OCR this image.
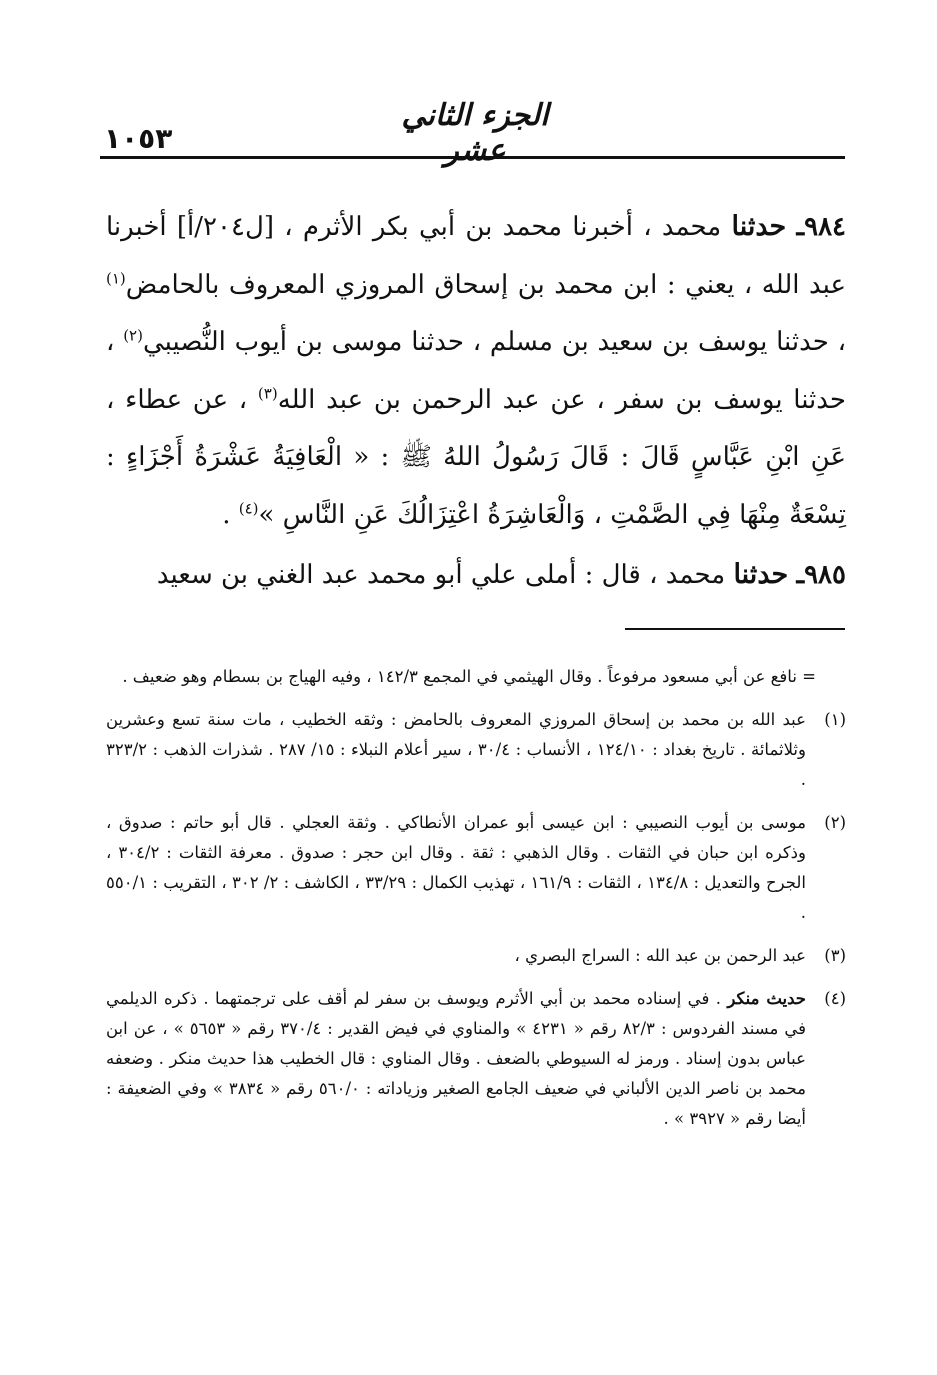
١٠٥٣
الجزء الثاني عشر

٩٨٤ـ حدثنا محمد ، أخبرنا محمد بن أبي بكر الأثرم ، [ل٢٠٤/أ] أخبرنا عبد الله ، يعني : ابن محمد بن إسحاق المروزي المعروف بالحامض$^{(١)}$ ، حدثنا يوسف بن سعيد بن مسلم ، حدثنا موسى بن أيوب النُّصيبي$^{(٢)}$ ، حدثنا يوسف بن سفر ، عن عبد الرحمن بن عبد الله$^{(٣)}$ ، عن عطاء ، عَنِ ابْنِ عَبَّاسٍ قَالَ : قَالَ رَسُولُ اللهُ ﷺ : « الْعَافِيَةُ عَشْرَةُ أَجْزَاءٍ : تِسْعَةٌ مِنْهَا فِي الصَّمْتِ ، وَالْعَاشِرَةُ اعْتِزَالُكَ عَنِ النَّاسِ »$^{(٤)}$ .

٩٨٥ـ حدثنا محمد ، قال : أملى علي أبو محمد عبد الغني بن سعيد

= نافع عن أبي مسعود مرفوعاً . وقال الهيثمي في المجمع ١٤٢/٣ ، وفيه الهياج بن بسطام وهو ضعيف .

(١)
عبد الله بن محمد بن إسحاق المروزي المعروف بالحامض : وثقه الخطيب ، مات سنة تسع وعشرين وثلاثمائة . تاريخ بغداد : ١٢٤/١٠ ، الأنساب : ٣٠/٤ ، سير أعلام النبلاء : ١٥/ ٢٨٧ . شذرات الذهب : ٣٢٣/٢ .

(٢)
موسى بن أيوب النصيبي : ابن عيسى أبو عمران الأنطاكي . وثقة العجلي . قال أبو حاتم : صدوق ، وذكره ابن حبان في الثقات . وقال الذهبي : ثقة . وقال ابن حجر : صدوق . معرفة الثقات : ٣٠٤/٢ ، الجرح والتعديل : ١٣٤/٨ ، الثقات : ١٦١/٩ ، تهذيب الكمال : ٣٣/٢٩ ، الكاشف : ٢/ ٣٠٢ ، التقريب : ٥٥٠/١ .

(٣)
عبد الرحمن بن عبد الله : السراج البصري ،

(٤)
حديث منكر . في إسناده محمد بن أبي الأثرم ويوسف بن سفر لم أقف على ترجمتهما . ذكره الديلمي في مسند الفردوس : ٨٢/٣ رقم « ٤٢٣١ » والمناوي في فيض القدير : ٣٧٠/٤ رقم « ٥٦٥٣ » ، عن ابن عباس بدون إسناد . ورمز له السيوطي بالضعف . وقال المناوي : قال الخطيب هذا حديث منكر . وضعفه محمد بن ناصر الدين الألباني في ضعيف الجامع الصغير وزياداته : ٥٦٠/٠ رقم « ٣٨٣٤ » وفي الضعيفة : أيضا رقم « ٣٩٢٧ » .
